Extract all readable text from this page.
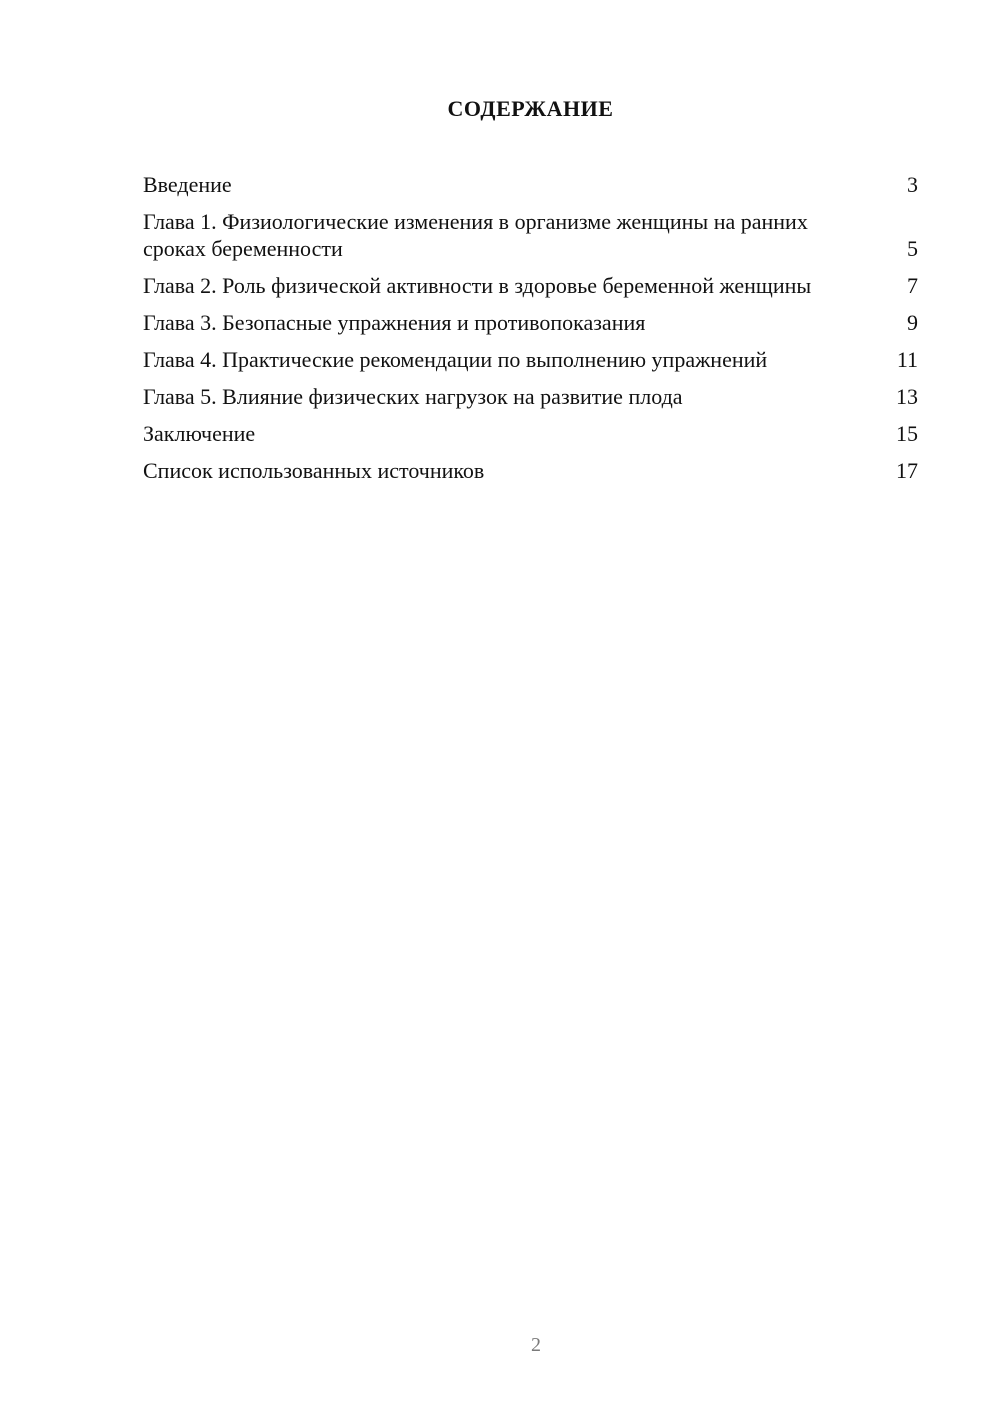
СОДЕРЖАНИЕ
Введение	3
Глава 1. Физиологические изменения в организме женщины на ранних сроках беременности	5
Глава 2. Роль физической активности в здоровье беременной женщины	7
Глава 3. Безопасные упражнения и противопоказания	9
Глава 4. Практические рекомендации по выполнению упражнений	11
Глава 5. Влияние физических нагрузок на развитие плода	13
Заключение	15
Список использованных источников	17
2
